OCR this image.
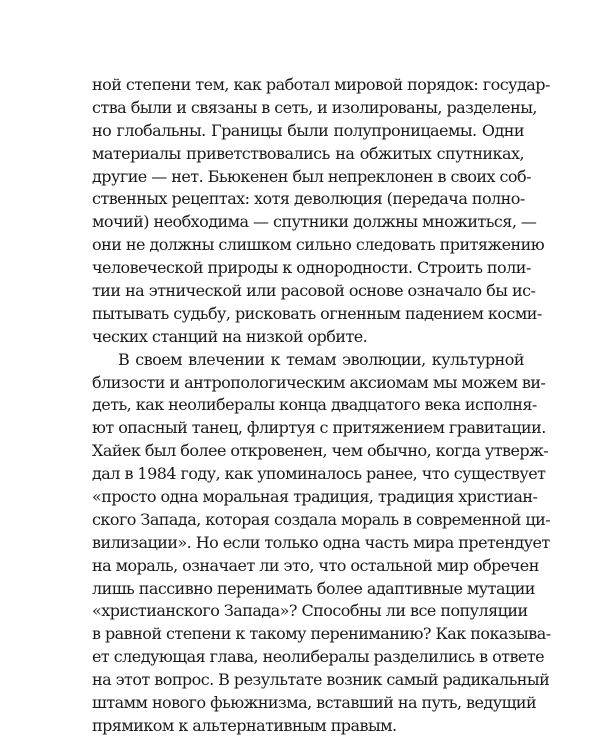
ной степени тем, как работал мировой порядок: государ-
ства были и связаны в сеть, и изолированы, разделены,
но глобальны. Границы были полупроницаемы. Одни
материалы приветствовались на обжитых спутниках,
другие — нет. Бьюкенен был непреклонен в своих соб-
ственных рецептах: хотя деволюция (передача полно-
мочий) необходима — спутники должны множиться, —
они не должны слишком сильно следовать притяжению
человеческой природы к однородности. Строить поли-
тии на этнической или расовой основе означало бы ис-
пытывать судьбу, рисковать огненным падением косми-
ческих станций на низкой орбите.
В своем влечении к темам эволюции, культурной
близости и антропологическим аксиомам мы можем ви-
деть, как неолибералы конца двадцатого века исполня-
ют опасный танец, флиртуя с притяжением гравитации.
Хайек был более откровенен, чем обычно, когда утверж-
дал в 1984 году, как упоминалось ранее, что существует
«просто одна моральная традиция, традиция христиан-
ского Запада, которая создала мораль в современной ци-
вилизации». Но если только одна часть мира претендует
на мораль, означает ли это, что остальной мир обречен
лишь пассивно перенимать более адаптивные мутации
«христианского Запада»? Способны ли все популяции
в равной степени к такому перениманию? Как показыва-
ет следующая глава, неолибералы разделились в ответе
на этот вопрос. В результате возник самый радикальный
штамм нового фьюжнизма, вставший на путь, ведущий
прямиком к альтернативным правым.
